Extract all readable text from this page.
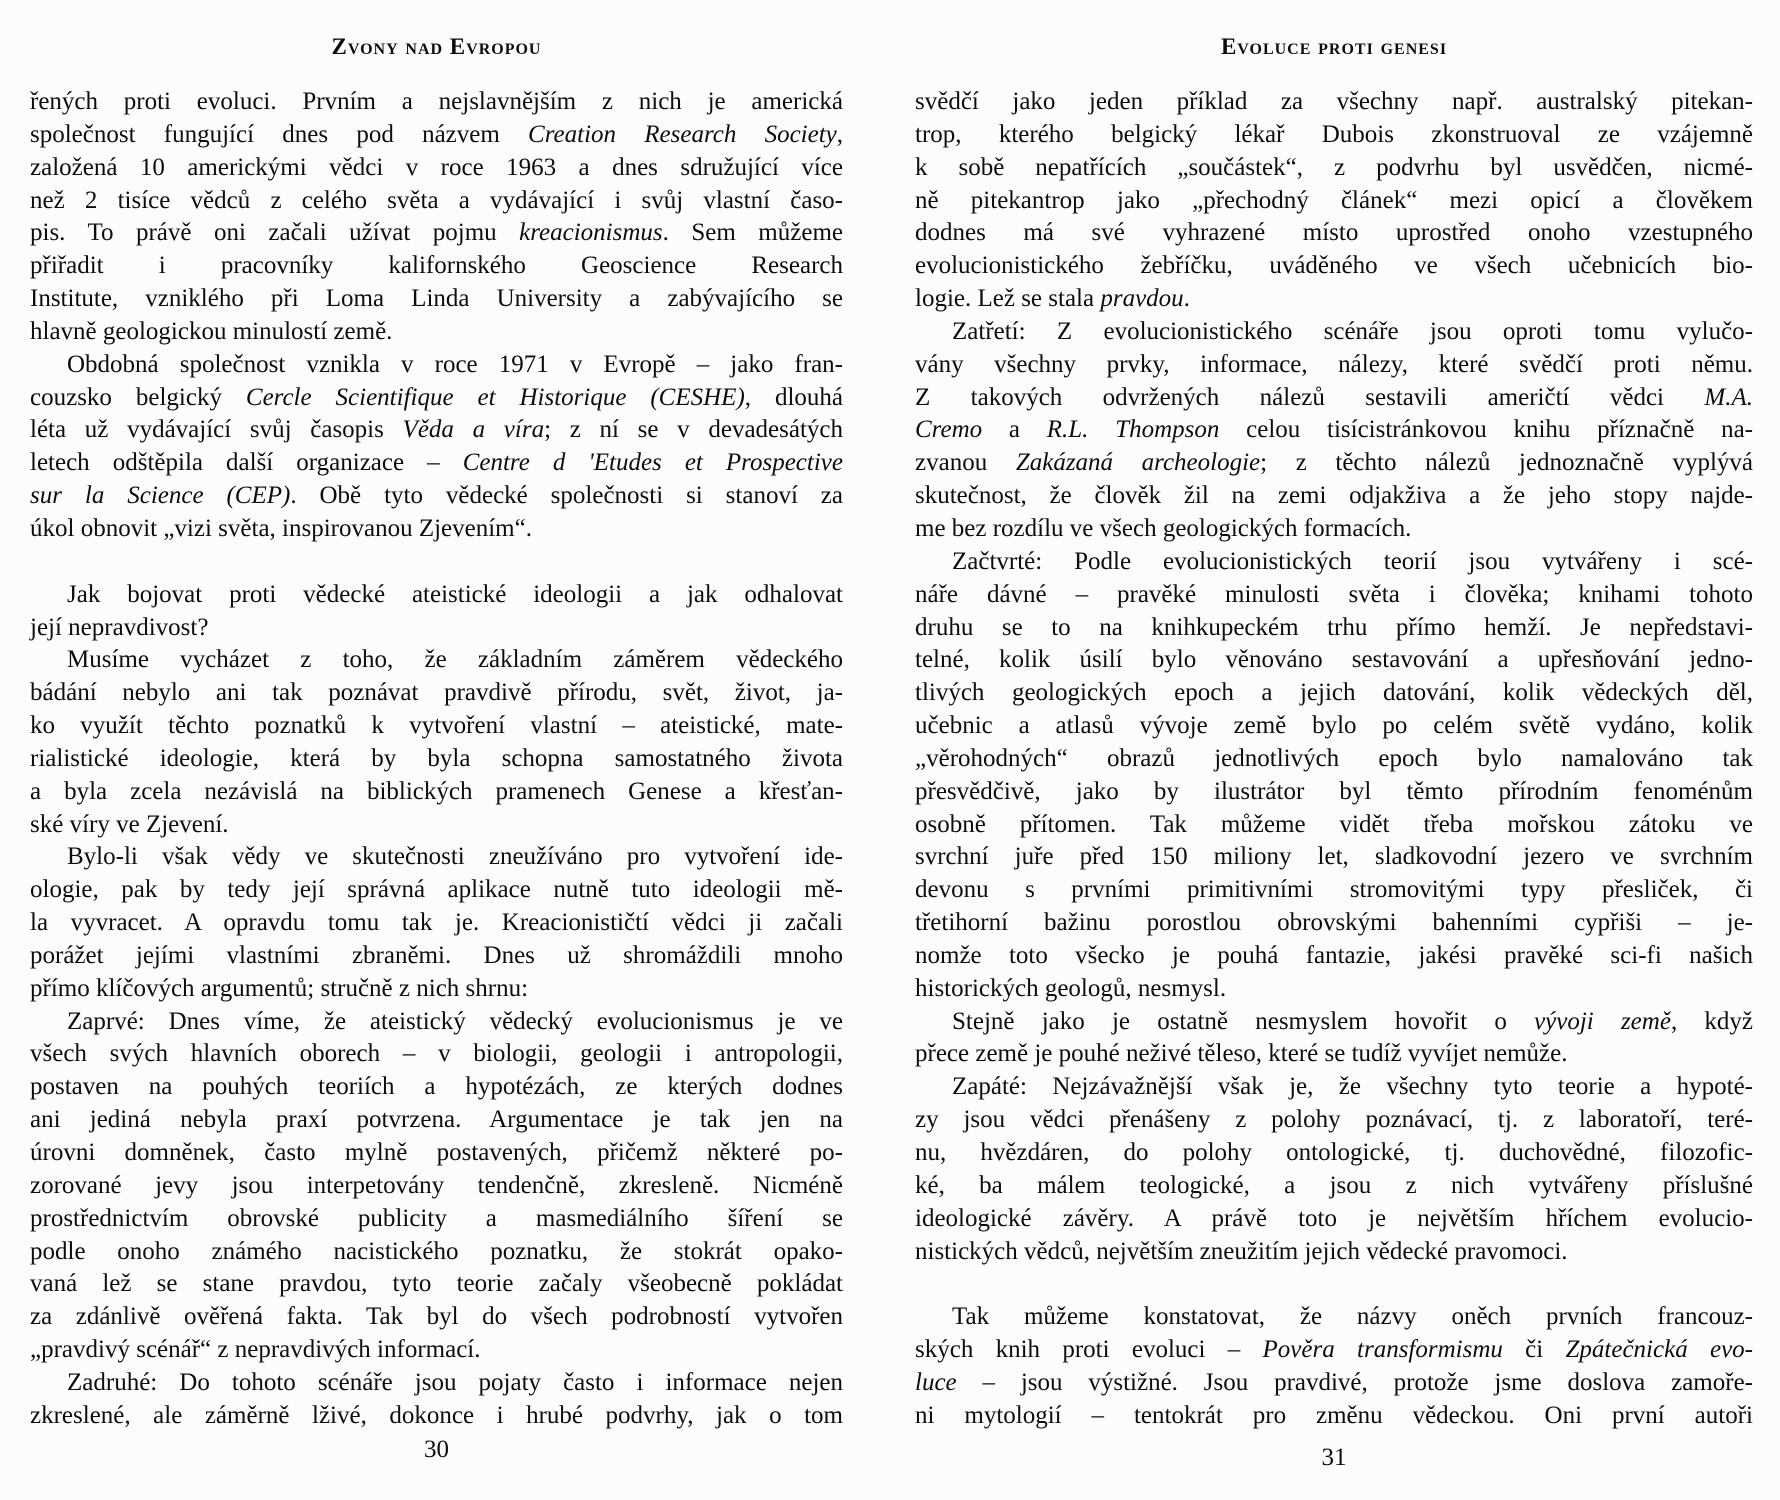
Zvony nad Evropou	Evoluce proti genesi
řených proti evoluci. Prvním a nejslavnějším z nich je americká
společnost fungující dnes pod názvem Creation Research Society,
založená 10 americkými vědci v roce 1963 a dnes sdružující více
než 2 tisíce vědců z celého světa a vydávající i svůj vlastní časo-
pis. To právě oni začali užívat pojmu kreacionismus. Sem můžeme
přiřadit i pracovníky kalifornského Geoscience Research
Institute, vzniklého při Loma Linda University a zabývajícího se
hlavně geologickou minulostí země.
Obdobná společnost vznikla v roce 1971 v Evropě – jako fran-
couzsko belgický Cercle Scientifique et Historique (CESHE), dlouhá
léta už vydávající svůj časopis Věda a víra; z ní se v devadesátých
letech odštěpila další organizace – Centre d 'Etudes et Prospective
sur la Science (CEP). Obě tyto vědecké společnosti si stanoví za
úkol obnovit „vizi světa, inspirovanou Zjevením“.
Jak bojovat proti vědecké ateistické ideologii a jak odhalovat
její nepravdivost?
Musíme vycházet z toho, že základním záměrem vědeckého
bádání nebylo ani tak poznávat pravdivě přírodu, svět, život, ja-
ko využít těchto poznatků k vytvoření vlastní – ateistické, mate-
rialistické ideologie, která by byla schopna samostatného života
a byla zcela nezávislá na biblických pramenech Genese a křesťan-
ské víry ve Zjevení.
Bylo-li však vědy ve skutečnosti zneužíváno pro vytvoření ide-
ologie, pak by tedy její správná aplikace nutně tuto ideologii mě-
la vyvracet. A opravdu tomu tak je. Kreacionističtí vědci ji začali
porážet jejími vlastními zbraněmi. Dnes už shromáždili mnoho
přímo klíčových argumentů; stručně z nich shrnu:
Zaprvé: Dnes víme, že ateistický vědecký evolucionismus je ve
všech svých hlavních oborech – v biologii, geologii i antropologii,
postaven na pouhých teoriích a hypotézách, ze kterých dodnes
ani jediná nebyla praxí potvrzena. Argumentace je tak jen na
úrovni domněnek, často mylně postavených, přičemž některé po-
zorované jevy jsou interpetovány tendenčně, zkresleně. Nicméně
prostřednictvím obrovské publicity a masmediálního šíření se
podle onoho známého nacistického poznatku, že stokrát opako-
vaná lež se stane pravdou, tyto teorie začaly všeobecně pokládat
za zdánlivě ověřená fakta. Tak byl do všech podrobností vytvořen
„pravdivý scénář“ z nepravdivých informací.
Zadruhé: Do tohoto scénáře jsou pojaty často i informace nejen
zkreslené, ale záměrně lživé, dokonce i hrubé podvrhy, jak o tom
svědčí jako jeden příklad za všechny např. australský pitekan-
trop, kterého belgický lékař Dubois zkonstruoval ze vzájemně
k sobě nepatřících „součástek“, z podvrhu byl usvědčen, nicmé-
ně pitekantrop jako „přechodný článek“ mezi opicí a člověkem
dodnes má své vyhrazené místo uprostřed onoho vzestupného
evolucionistického žebříčku, uváděného ve všech učebnicích bio-
logie. Lež se stala pravdou.
Zatřetí: Z evolucionistického scénáře jsou oproti tomu vylučo-
vány všechny prvky, informace, nálezy, které svědčí proti němu.
Z takových odvržených nálezů sestavili američtí vědci M.A.
Cremo a R.L. Thompson celou tisícistránkovou knihu příznačně na-
zvanou Zakázaná archeologie; z těchto nálezů jednoznačně vyplývá
skutečnost, že člověk žil na zemi odjakživa a že jeho stopy najde-
me bez rozdílu ve všech geologických formacích.
Začtvrté: Podle evolucionistických teorií jsou vytvářeny i scé-
náře dávné – pravěké minulosti světa i člověka; knihami tohoto
druhu se to na knihkupeckém trhu přímo hemží. Je nepředstavi-
telné, kolik úsilí bylo věnováno sestavování a upřesňování jedno-
tlivých geologických epoch a jejich datování, kolik vědeckých děl,
učebnic a atlasů vývoje země bylo po celém světě vydáno, kolik
„věrohodných“ obrazů jednotlivých epoch bylo namalováno tak
přesvědčivě, jako by ilustrátor byl těmto přírodním fenoménům
osobně přítomen. Tak můžeme vidět třeba mořskou zátoku ve
svrchní juře před 150 miliony let, sladkovodní jezero ve svrchním
devonu s prvními primitivními stromovitými typy přesliček, či
třetihorní bažinu porostlou obrovskými bahenními cypřiši – je-
nomže toto všecko je pouhá fantazie, jakési pravěké sci-fi našich
historických geologů, nesmysl.
Stejně jako je ostatně nesmyslem hovořit o vývoji země, když
přece země je pouhé neživé těleso, které se tudíž vyvíjet nemůže.
Zapáté: Nejzávažnější však je, že všechny tyto teorie a hypoté-
zy jsou vědci přenášeny z polohy poznávací, tj. z laboratoří, teré-
nu, hvězdáren, do polohy ontologické, tj. duchovědné, filozofic-
ké, ba málem teologické, a jsou z nich vytvářeny příslušné
ideologické závěry. A právě toto je největším hříchem evolucio-
nistických vědců, největším zneužitím jejich vědecké pravomoci.
Tak můžeme konstatovat, že názvy oněch prvních francouz-
ských knih proti evoluci – Pověra transformismu či Zpátečnická evo-
luce – jsou výstižné. Jsou pravdivé, protože jsme doslova zamoře-
ni mytologií – tentokrát pro změnu vědeckou. Oni první autoři
30	31
